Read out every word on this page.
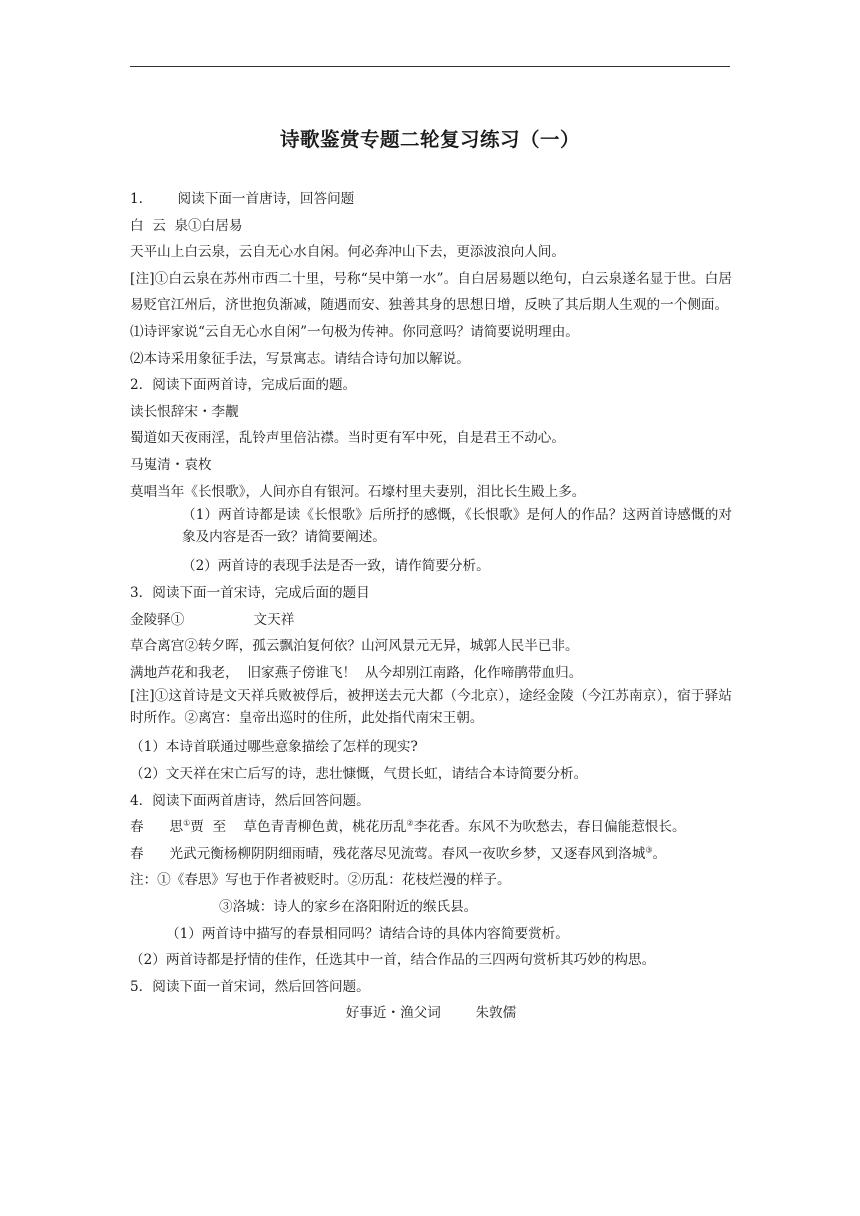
诗歌鉴赏专题二轮复习练习（一）

1.        阅读下面一首唐诗，回答问题

白  云  泉①白居易

天平山上白云泉，云自无心水自闲。何必奔冲山下去，更添波浪向人间。

[注]①白云泉在苏州市西二十里，号称“吴中第一水”。自白居易题以绝句，白云泉遂名显于世。白居易贬官江州后，济世抱负渐减，随遇而安、独善其身的思想日增，反映了其后期人生观的一个侧面。

⑴诗评家说“云自无心水自闲”一句极为传神。你同意吗？请简要说明理由。

⑵本诗采用象征手法，写景寓志。请结合诗句加以解说。

2．阅读下面两首诗，完成后面的题。

读长恨辞宋・李觏

蜀道如天夜雨淫，乱铃声里倍沾襟。当时更有军中死，自是君王不动心。

马嵬清・袁枚

莫唱当年《长恨歌》，人间亦自有银河。石壕村里夫妻别，泪比长生殿上多。

（1）两首诗都是读《长恨歌》后所抒的感慨，《长恨歌》是何人的作品？这两首诗感慨的对象及内容是否一致？请简要阐述。

（2）两首诗的表现手法是否一致，请作简要分析。

3．阅读下面一首宋诗，完成后面的题目

金陵驿①                文天祥

草合离宫②转夕晖，孤云飘泊复何依？山河风景元无异，城郭人民半已非。

满地芦花和我老，  旧家燕子傍谁飞！  从今却别江南路，化作啼鹃带血归。

[注]①这首诗是文天祥兵败被俘后，被押送去元大都（今北京），途经金陵（今江苏南京），宿于驿站时所作。②离宫：皇帝出巡时的住所，此处指代南宋王朝。

（1）本诗首联通过哪些意象描绘了怎样的现实?

（2）文天祥在宋亡后写的诗，悲壮慷慨，气贯长虹，请结合本诗简要分析。

4．阅读下面两首唐诗，然后回答问题。

春      思①贾  至    草色青青柳色黄，桃花历乱②李花香。东风不为吹愁去，春日偏能惹恨长。

春      光武元衡杨柳阴阴细雨晴，残花落尽见流莺。春风一夜吹乡梦，又逐春风到洛城③。

注：①《春思》写也于作者被贬时。②历乱：花枝烂漫的样子。

③洛城：诗人的家乡在洛阳附近的缑氏县。

（1）两首诗中描写的春景相同吗？请结合诗的具体内容简要赏析。

（2）两首诗都是抒情的佳作，任选其中一首，结合作品的三四两句赏析其巧妙的构思。

5．阅读下面一首宋词，然后回答问题。

好事近・渔父词        朱敦儒
